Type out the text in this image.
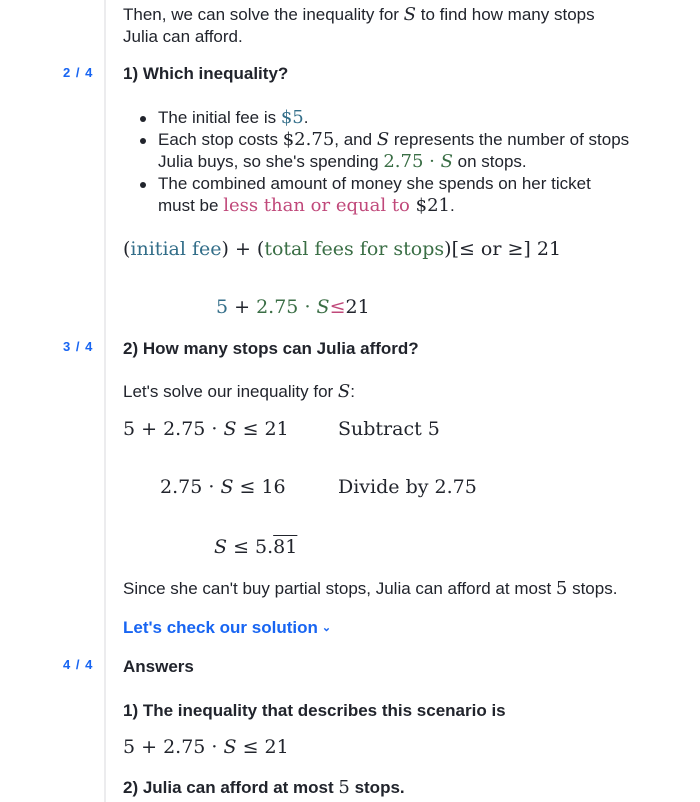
Then, we can solve the inequality for S to find how many stops
Julia can afford.
2 / 4 1) Which inequality?
The initial fee is $5.
Each stop costs $2.75, and S represents the number of stops
Julia buys, so she's spending 2.75 · S on stops.
The combined amount of money she spends on her ticket
must be less than or equal to $21.
(initial fee) + (total fees for stops)[≤ or ≥] 21
5 + 2.75 · S≤21
3 / 4 2) How many stops can Julia afford?
Let's solve our inequality for S:
5 + 2.75 · S ≤ 21	Subtract 5
2.75 · S ≤ 16	Divide by 2.75
S ≤ 5.81
Since she can't buy partial stops, Julia can afford at most 5 stops.
Let's check our solution ⌄
4 / 4 Answers
1) The inequality that describes this scenario is
5 + 2.75 · S ≤ 21
2) Julia can afford at most 5 stops.
